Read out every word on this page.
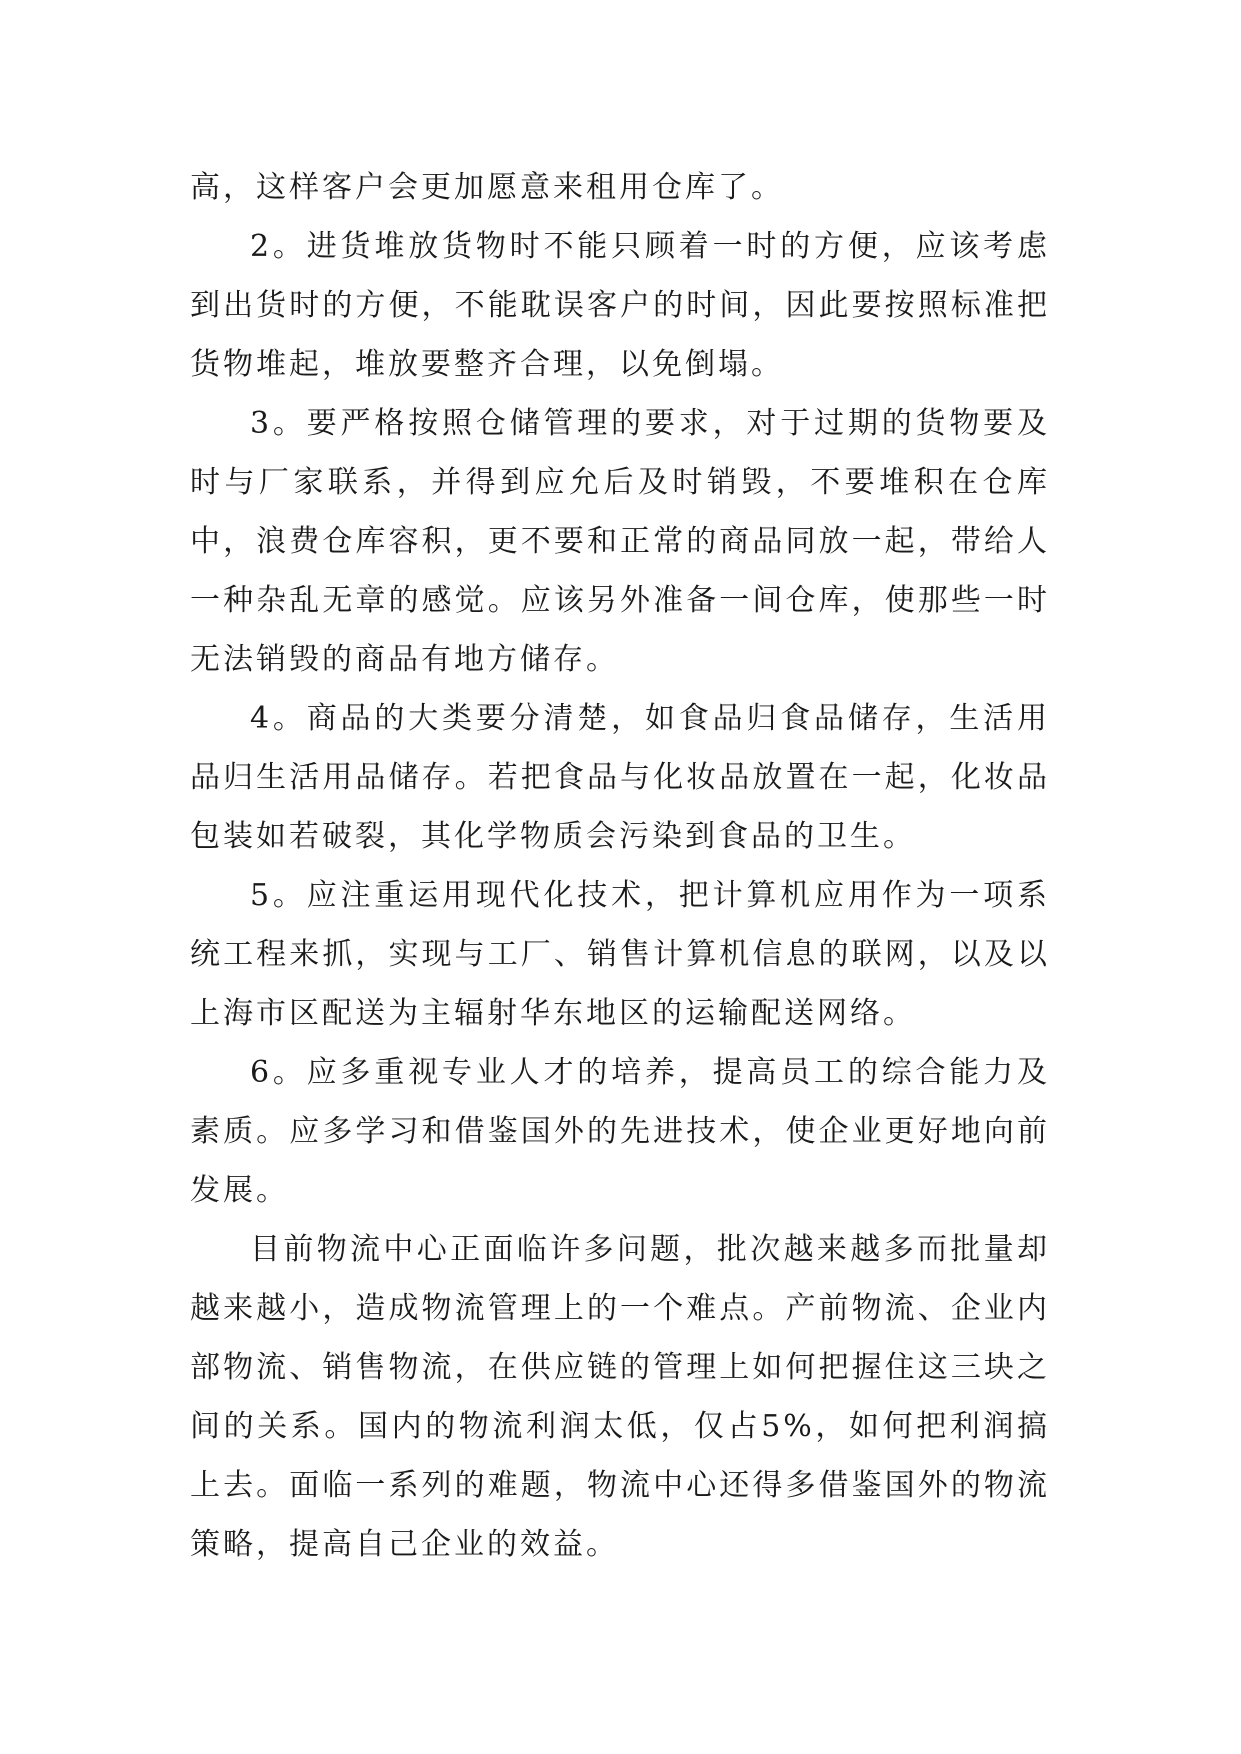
高，这样客户会更加愿意来租用仓库了。

2。进货堆放货物时不能只顾着一时的方便，应该考虑到出货时的方便，不能耽误客户的时间，因此要按照标准把货物堆起，堆放要整齐合理，以免倒塌。

3。要严格按照仓储管理的要求，对于过期的货物要及时与厂家联系，并得到应允后及时销毁，不要堆积在仓库中，浪费仓库容积，更不要和正常的商品同放一起，带给人一种杂乱无章的感觉。应该另外准备一间仓库，使那些一时无法销毁的商品有地方储存。

4。商品的大类要分清楚，如食品归食品储存，生活用品归生活用品储存。若把食品与化妆品放置在一起，化妆品包装如若破裂，其化学物质会污染到食品的卫生。

5。应注重运用现代化技术，把计算机应用作为一项系统工程来抓，实现与工厂、销售计算机信息的联网，以及以上海市区配送为主辐射华东地区的运输配送网络。

6。应多重视专业人才的培养，提高员工的综合能力及素质。应多学习和借鉴国外的先进技术，使企业更好地向前发展。

目前物流中心正面临许多问题，批次越来越多而批量却越来越小，造成物流管理上的一个难点。产前物流、企业内部物流、销售物流，在供应链的管理上如何把握住这三块之间的关系。国内的物流利润太低，仅占5%，如何把利润搞上去。面临一系列的难题，物流中心还得多借鉴国外的物流策略，提高自己企业的效益。
